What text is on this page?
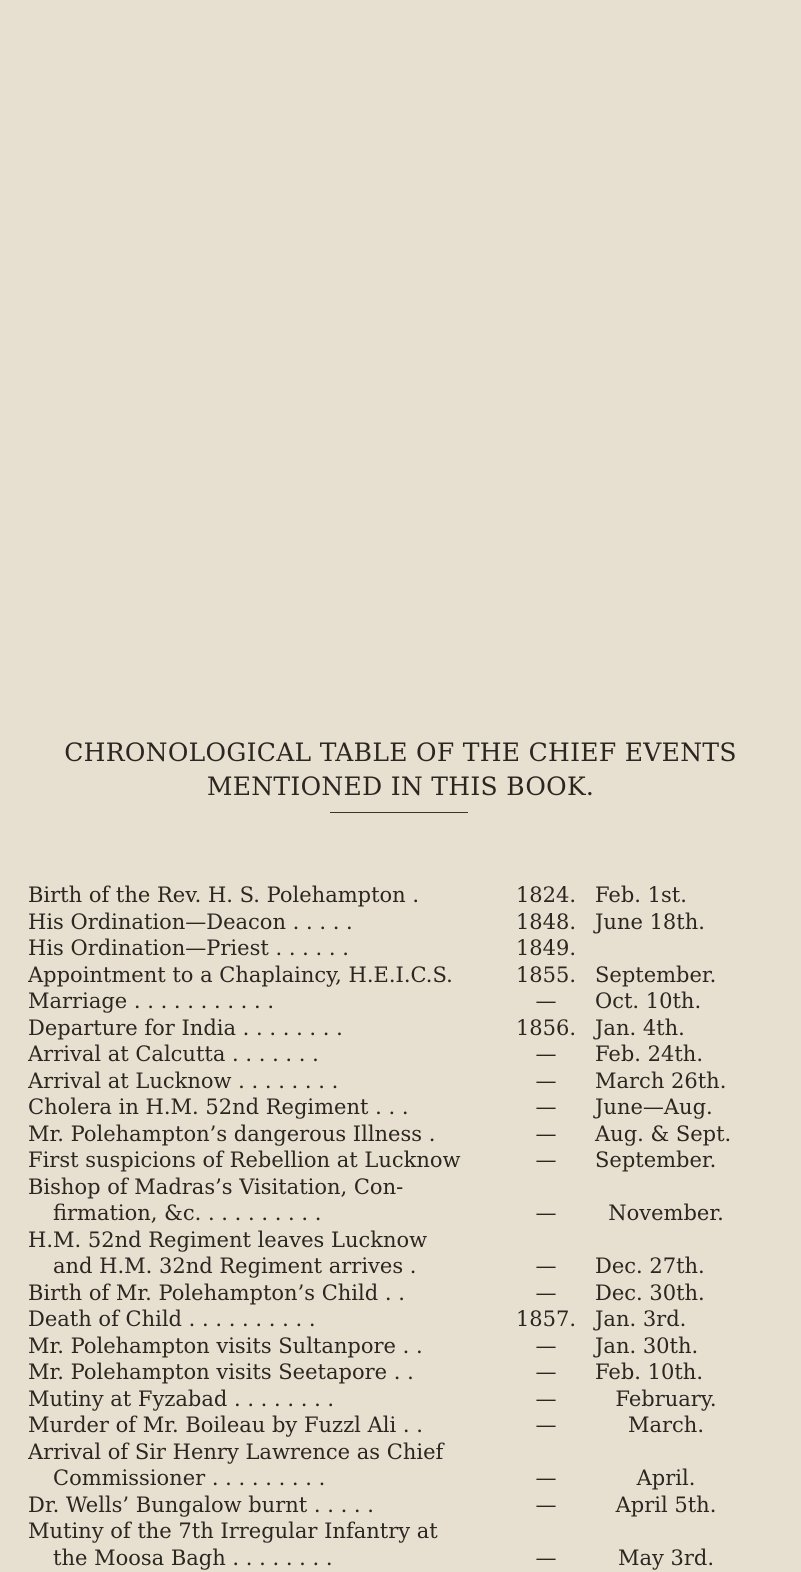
CHRONOLOGICAL TABLE OF THE CHIEF EVENTS
MENTIONED IN THIS BOOK.
Birth of the Rev. H. S. Polehampton .	1824. Feb. 1st.
His Ordination—Deacon . . . . .	1848. June 18th.
His Ordination—Priest . . . . . .	1849.
Appointment to a Chaplaincy, H.E.I.C.S.	1855. September.
Marriage . . . . . . . . . . .	—	Oct. 10th.
Departure for India . . . . . . . .	1856. Jan. 4th.
Arrival at Calcutta . . . . . . .	—	Feb. 24th.
Arrival at Lucknow . . . . . . . .	—	March 26th.
Cholera in H.M. 52nd Regiment . . .	—	June—Aug.
Mr. Polehampton’s dangerous Illness .	—	Aug. & Sept.
First suspicions of Rebellion at Lucknow	—	September.
Bishop of Madras’s Visitation, Con-
firmation, &c. . . . . . . . . .	—	November.
H.M. 52nd Regiment leaves Lucknow
and H.M. 32nd Regiment arrives .	—	Dec. 27th.
Birth of Mr. Polehampton’s Child . .	—	Dec. 30th.
Death of Child . . . . . . . . . .	1857. Jan. 3rd.
Mr. Polehampton visits Sultanpore . .	—	Jan. 30th.
Mr. Polehampton visits Seetapore . .	—	Feb. 10th.
Mutiny at Fyzabad . . . . . . . .	—	February.
Murder of Mr. Boileau by Fuzzl Ali . .	—	March.
Arrival of Sir Henry Lawrence as Chief
Commissioner . . . . . . . . .	—	April.
Dr. Wells’ Bungalow burnt . . . . .	—	April 5th.
Mutiny of the 7th Irregular Infantry at
the Moosa Bagh . . . . . . . .	—	May 3rd.
